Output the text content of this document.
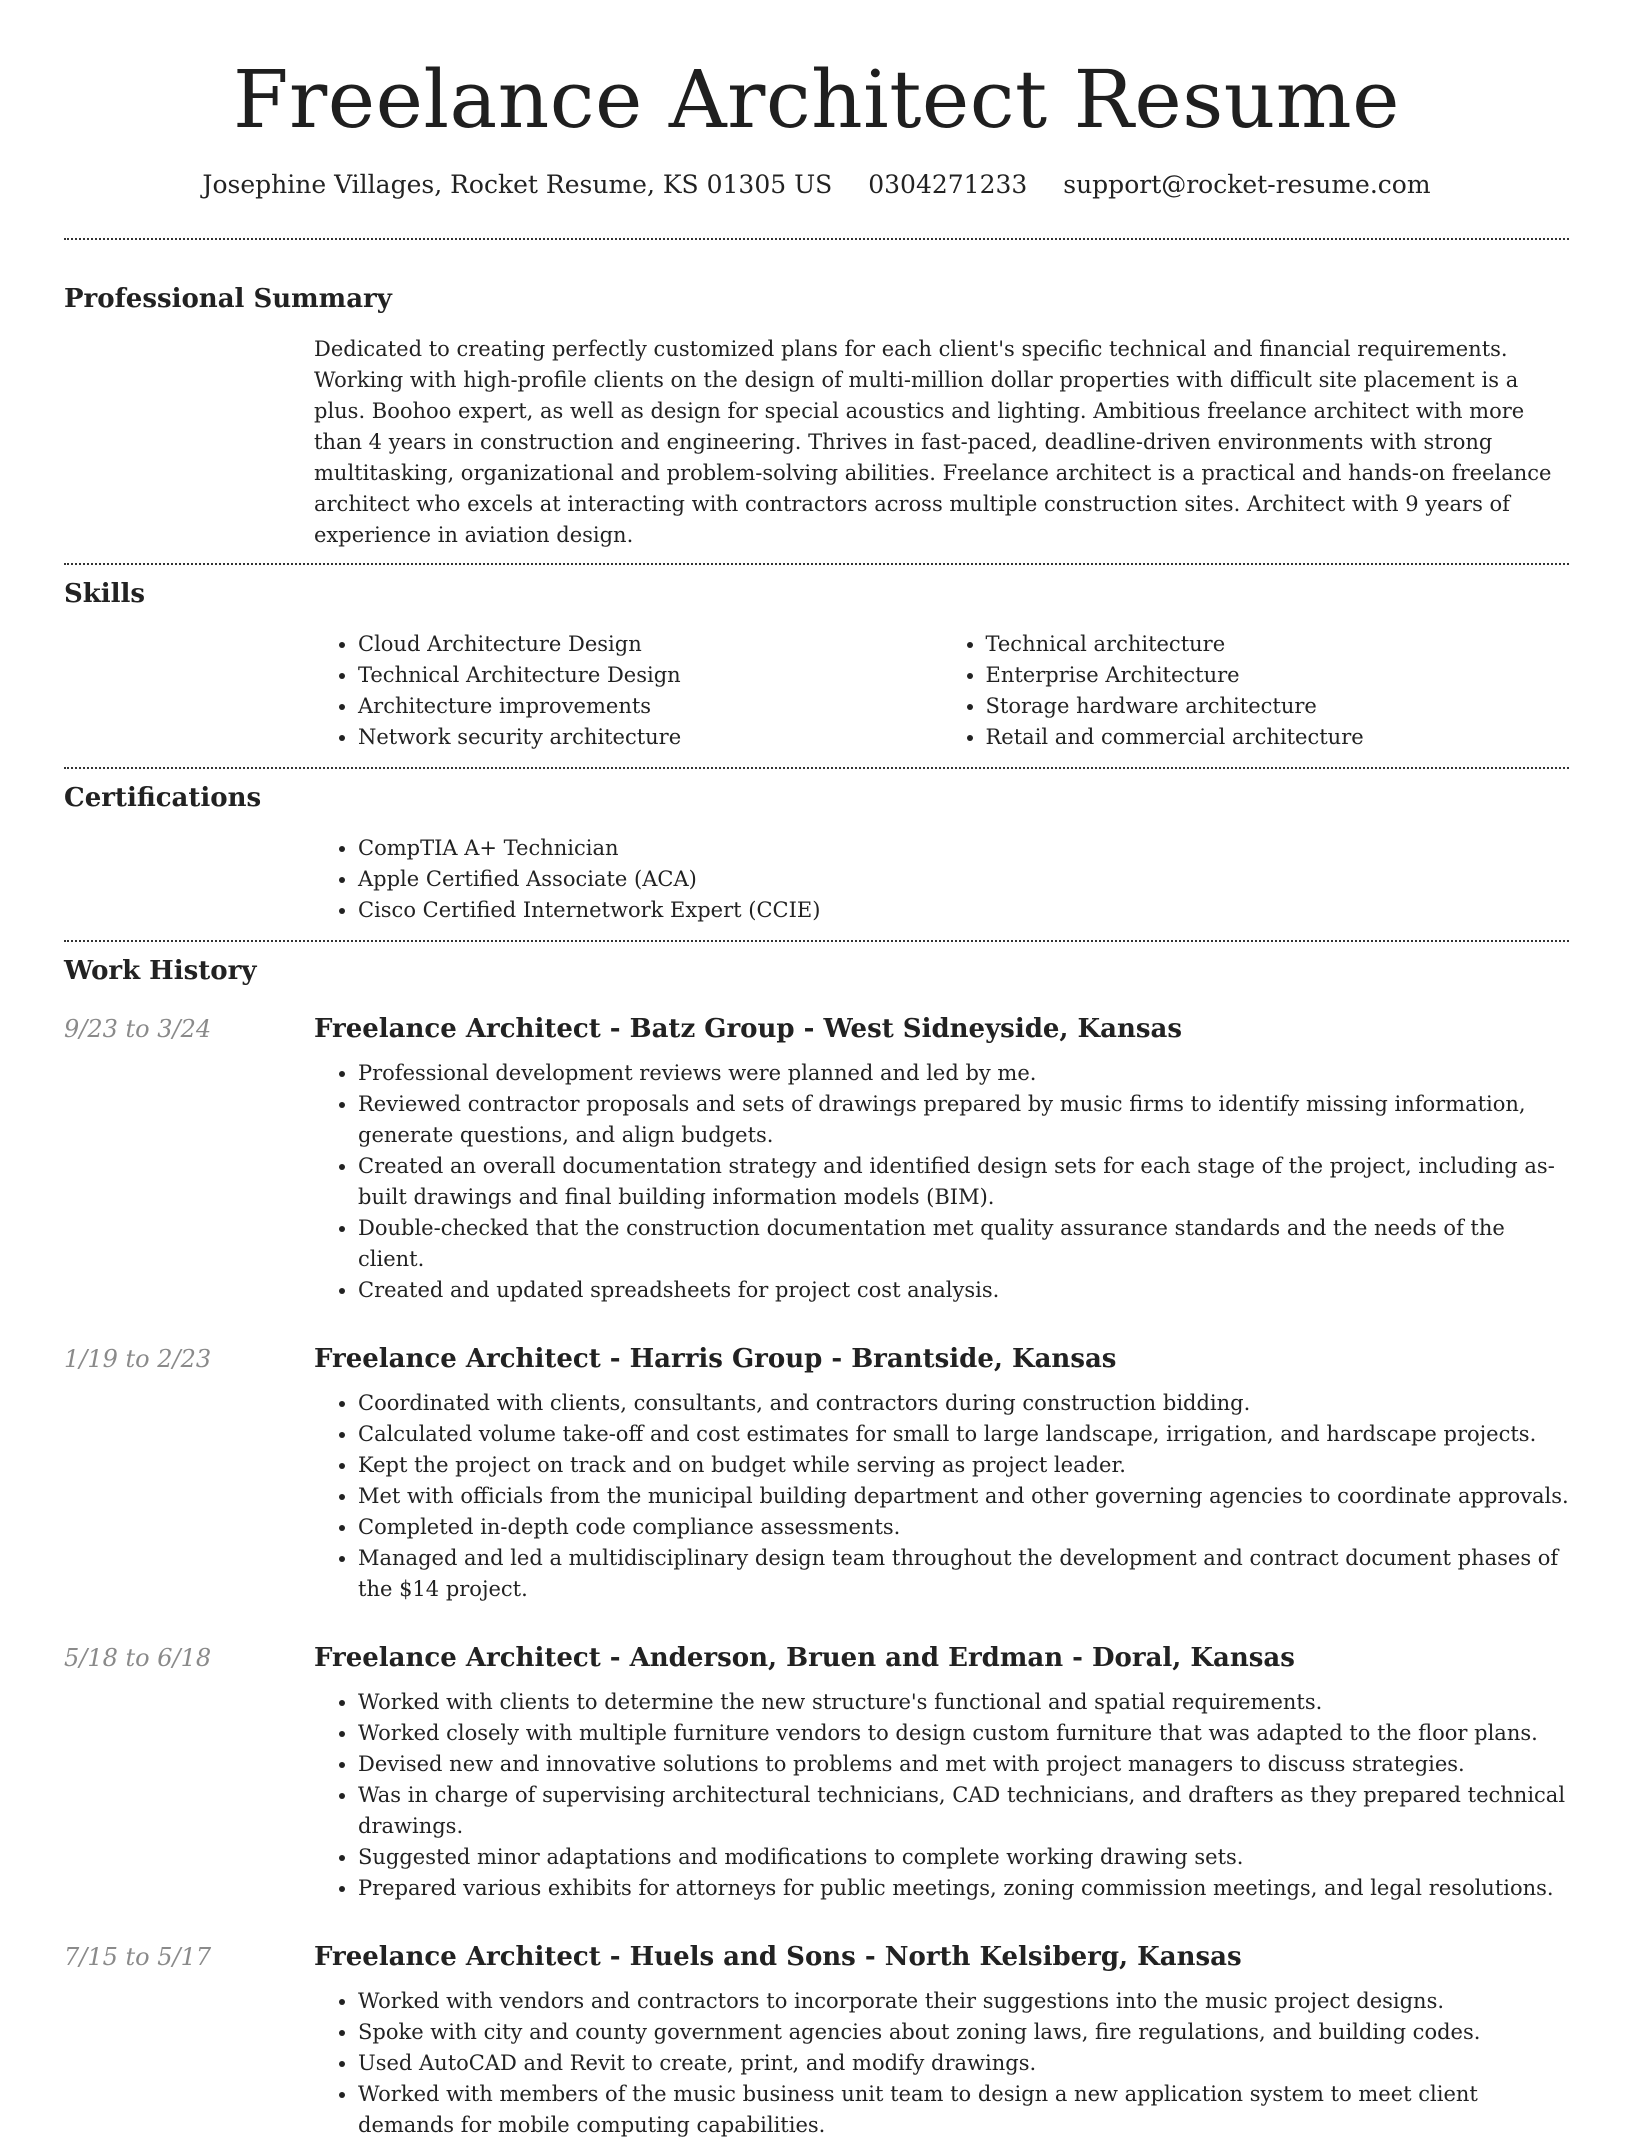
Freelance Architect Resume
Josephine Villages, Rocket Resume, KS 01305 US 0304271233 support@rocket-resume.com
Professional Summary

Dedicated to creating perfectly customized plans for each client's specific technical and financial requirements. Working with high-profile clients on the design of multi-million dollar properties with difficult site placement is a plus. Boohoo expert, as well as design for special acoustics and lighting. Ambitious freelance architect with more than 4 years in construction and engineering. Thrives in fast-paced, deadline-driven environments with strong multitasking, organizational and problem-solving abilities. Freelance architect is a practical and hands-on freelance architect who excels at interacting with contractors across multiple construction sites. Architect with 9 years of experience in aviation design.

Skills
• Cloud Architecture Design
• Technical Architecture Design
• Architecture improvements
• Network security architecture
• Technical architecture
• Enterprise Architecture
• Storage hardware architecture
• Retail and commercial architecture
Certifications
• CompTIA A+ Technician
• Apple Certified Associate (ACA)
• Cisco Certified Internetwork Expert (CCIE)
Work History
9/23 to 3/24	Freelance Architect - Batz Group - West Sidneyside, Kansas
• Professional development reviews were planned and led by me.
• Reviewed contractor proposals and sets of drawings prepared by music firms to identify missing information, generate questions, and align budgets.
• Created an overall documentation strategy and identified design sets for each stage of the project, including as-built drawings and final building information models (BIM).
• Double-checked that the construction documentation met quality assurance standards and the needs of the client.
• Created and updated spreadsheets for project cost analysis.
1/19 to 2/23	Freelance Architect - Harris Group - Brantside, Kansas
• Coordinated with clients, consultants, and contractors during construction bidding.
• Calculated volume take-off and cost estimates for small to large landscape, irrigation, and hardscape projects.
• Kept the project on track and on budget while serving as project leader.
• Met with officials from the municipal building department and other governing agencies to coordinate approvals.
• Completed in-depth code compliance assessments.
• Managed and led a multidisciplinary design team throughout the development and contract document phases of the $14 project.
5/18 to 6/18	Freelance Architect - Anderson, Bruen and Erdman - Doral, Kansas
• Worked with clients to determine the new structure's functional and spatial requirements.
• Worked closely with multiple furniture vendors to design custom furniture that was adapted to the floor plans.
• Devised new and innovative solutions to problems and met with project managers to discuss strategies.
• Was in charge of supervising architectural technicians, CAD technicians, and drafters as they prepared technical drawings.
• Suggested minor adaptations and modifications to complete working drawing sets.
• Prepared various exhibits for attorneys for public meetings, zoning commission meetings, and legal resolutions.
7/15 to 5/17	Freelance Architect - Huels and Sons - North Kelsiberg, Kansas
• Worked with vendors and contractors to incorporate their suggestions into the music project designs.
• Spoke with city and county government agencies about zoning laws, fire regulations, and building codes.
• Used AutoCAD and Revit to create, print, and modify drawings.
• Worked with members of the music business unit team to design a new application system to meet client demands for mobile computing capabilities.
